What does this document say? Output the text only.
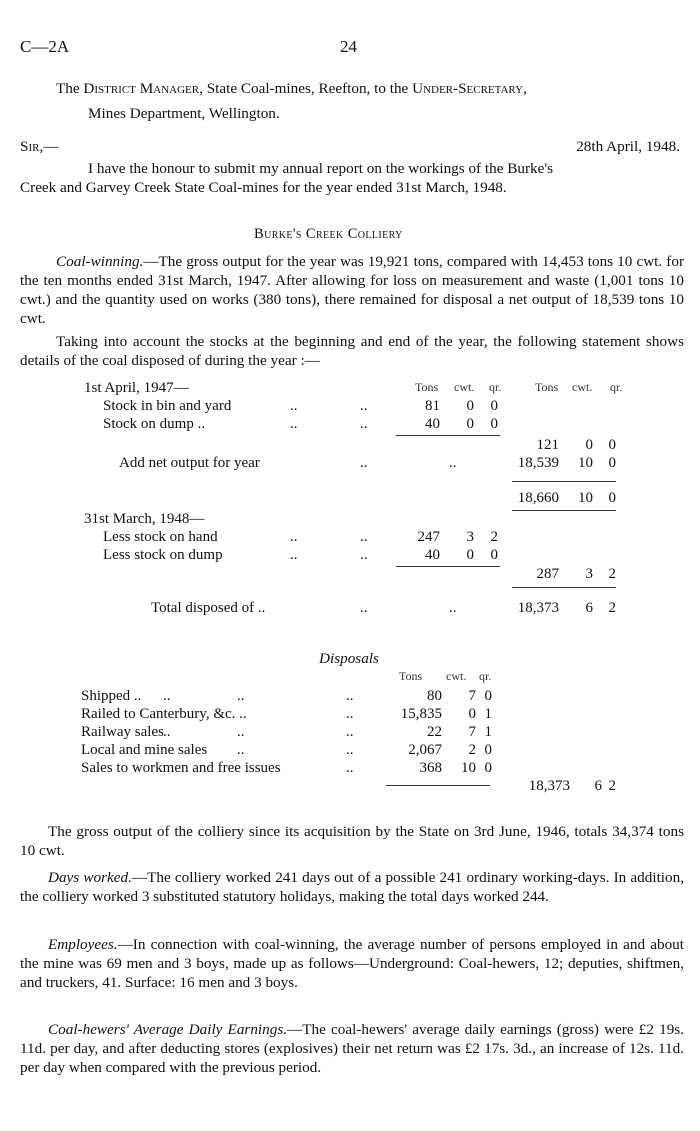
C—2A	24
The District Manager, State Coal-mines, Reefton, to the Under-Secretary,
Mines Department, Wellington.
Sir,—	28th April, 1948.
I have the honour to submit my annual report on the workings of the Burke's
Creek and Garvey Creek State Coal-mines for the year ended 31st March, 1948.
Burke's Creek Colliery
Coal-winning.—The gross output for the year was 19,921 tons, compared with 14,453 tons 10 cwt. for the ten months ended 31st March, 1947. After allowing for loss on measurement and waste (1,001 tons 10 cwt.) and the quantity used on works (380 tons), there remained for disposal a net output of 18,539 tons 10 cwt.
Taking into account the stocks at the beginning and end of the year, the following statement shows details of the coal disposed of during the year :—
Tons cwt. qr.	Tons cwt. qr.
1st April, 1947—
Stock in bin and yard	..	..	81 0 0
Stock on dump ..	..	..	40 0 0
121 0 0
Add net output for year	..	..	18,539 10 0
18,660 10 0
31st March, 1948—
Less stock on hand	..	..	247 3 2
Less stock on dump	..	..	40 0 0
287 3 2
Total disposed of ..	..	..	18,373 6 2
Disposals
Tons cwt. qr.
Shipped .. ..	..	..	80 7 0
Railed to Canterbury, &c. ..	..	15,835 0 1
Railway sales ..	..	..	22 7 1
Local and mine sales ..	..	2,067 2 0
Sales to workmen and free issues	..	368 10 0
18,373 6 2
The gross output of the colliery since its acquisition by the State on 3rd June, 1946, totals 34,374 tons 10 cwt.
Days worked.—The colliery worked 241 days out of a possible 241 ordinary working-days. In addition, the colliery worked 3 substituted statutory holidays, making the total days worked 244.
Employees.—In connection with coal-winning, the average number of persons employed in and about the mine was 69 men and 3 boys, made up as follows—Underground: Coal-hewers, 12; deputies, shiftmen, and truckers, 41. Surface: 16 men and 3 boys.
Coal-hewers' Average Daily Earnings.—The coal-hewers' average daily earnings (gross) were £2 19s. 11d. per day, and after deducting stores (explosives) their net return was £2 17s. 3d., an increase of 12s. 11d. per day when compared with the previous period.
